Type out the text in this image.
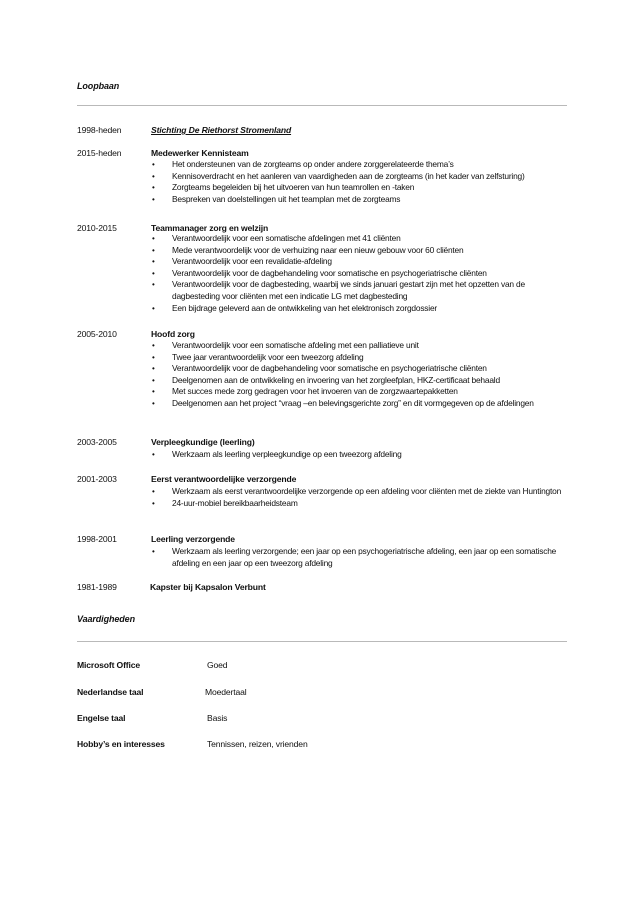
Loopbaan
1998-heden	Stichting De Riethorst Stromenland
2015-heden	Medewerker Kennisteam
• Het ondersteunen van de zorgteams op onder andere zorggerelateerde thema’s
• Kennisoverdracht en het aanleren van vaardigheden aan de zorgteams (in het kader van zelfsturing)
• Zorgteams begeleiden bij het uitvoeren van hun teamrollen en -taken
• Bespreken van doelstellingen uit het teamplan met de zorgteams
2010-2015	Teammanager zorg en welzijn
• Verantwoordelijk voor een somatische afdelingen met 41 cliënten
• Mede verantwoordelijk voor de verhuizing naar een nieuw gebouw voor 60 cliënten
• Verantwoordelijk voor een revalidatie-afdeling
• Verantwoordelijk voor de dagbehandeling voor somatische en psychogeriatrische cliënten
• Verantwoordelijk voor de dagbesteding, waarbij we sinds januari gestart zijn met het opzetten van de dagbesteding voor cliënten met een indicatie LG met dagbesteding
• Een bijdrage geleverd aan de ontwikkeling van het elektronisch zorgdossier
2005-2010	Hoofd zorg
• Verantwoordelijk voor een somatische afdeling met een palliatieve unit
• Twee jaar verantwoordelijk voor een tweezorg afdeling
• Verantwoordelijk voor de dagbehandeling voor somatische en psychogeriatrische cliënten
• Deelgenomen aan de ontwikkeling en invoering van het zorgleefplan, HKZ-certificaat behaald
• Met succes mede zorg gedragen voor het invoeren van de zorgzwaartepakketten
• Deelgenomen aan het project “vraag –en belevingsgerichte zorg” en dit vormgegeven op de afdelingen
2003-2005	Verpleegkundige (leerling)
• Werkzaam als leerling verpleegkundige op een tweezorg afdeling
2001-2003	Eerst verantwoordelijke verzorgende
• Werkzaam als eerst verantwoordelijke verzorgende op een afdeling voor cliënten met de ziekte van Huntington
• 24-uur-mobiel bereikbaarheidsteam
1998-2001	Leerling verzorgende
• Werkzaam als leerling verzorgende; een jaar op een psychogeriatrische afdeling, een jaar op een somatische afdeling en een jaar op een tweezorg afdeling
1981-1989	Kapster bij Kapsalon Verbunt
Vaardigheden
Microsoft Office	Goed
Nederlandse taal	Moedertaal
Engelse taal	Basis
Hobby’s en interesses	Tennissen, reizen, vrienden
